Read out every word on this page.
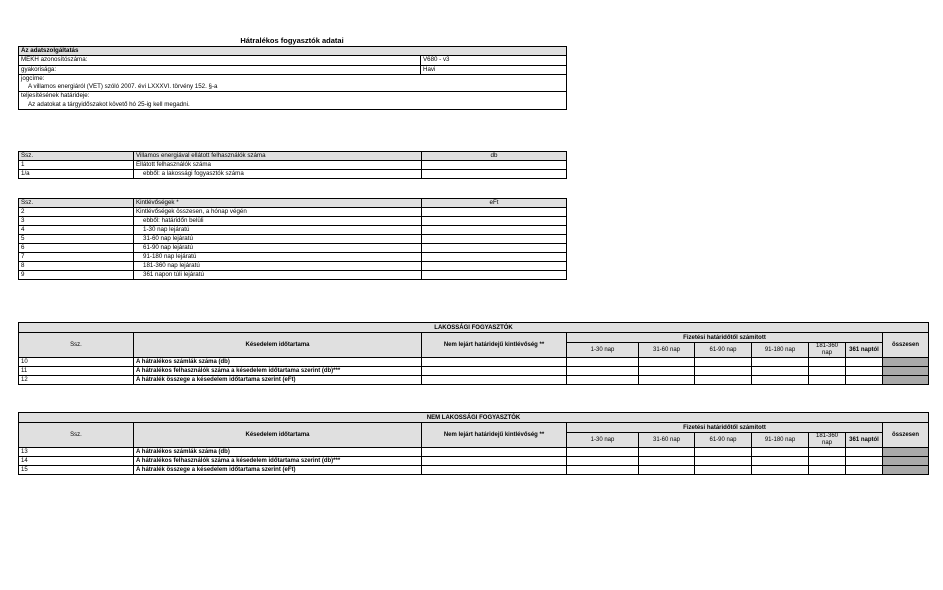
Hátralékos fogyasztók adatai
Az adatszolgáltatás	
MEKH azonosítószáma:	V680 - v3
gyakorisága:	Havi
jogcíme:	
A villamos energiáról (VET) szóló 2007. évi LXXXVI. törvény 152. §-a	
teljesítésének határideje:	
Az adatokat a tárgyidőszakot követő hó 25-ig kell megadni.	
Ssz.	Villamos energiával ellátott felhasználók száma	db
1	Ellátott felhasználók száma	
1/a	ebből: a lakossági fogyasztók száma	
Ssz.	Kintlévőségek *	eFt
2	Kintlévőségek összesen, a hónap végén	
3	ebből: határidőn belüli	
4	1-30 nap lejáratú	
5	31-60 nap lejáratú	
6	61-90 nap lejáratú	
7	91-180 nap lejáratú	
8	181-360 nap lejáratú	
9	361 napon túli lejáratú	
LAKOSSÁGI FOGYASZTÓK									
Ssz.	Késedelem időtartama	Nem lejárt határidejű kintlévőség **	Fizetési határidőtől számított						összesen
			1-30 nap	31-60 nap	61-90 nap	91-180 nap	181-360 nap	361 naptól	
10	A hátralékos számlák száma (db)								
11	A hátralékos felhasználók száma a késedelem időtartama szerint (db)***								
12	A hátralék összege a késedelem időtartama szerint (eFt)								
NEM LAKOSSÁGI FOGYASZTÓK									
Ssz.	Késedelem időtartama	Nem lejárt határidejű kintlévőség **	Fizetési határidőtől számított						összesen
			1-30 nap	31-60 nap	61-90 nap	91-180 nap	181-360 nap	361 naptól	
13	A hátralékos számlák száma (db)								
14	A hátralékos felhasználók száma a késedelem időtartama szerint (db)***								
15	A hátralék összege a késedelem időtartama szerint (eFt)								
